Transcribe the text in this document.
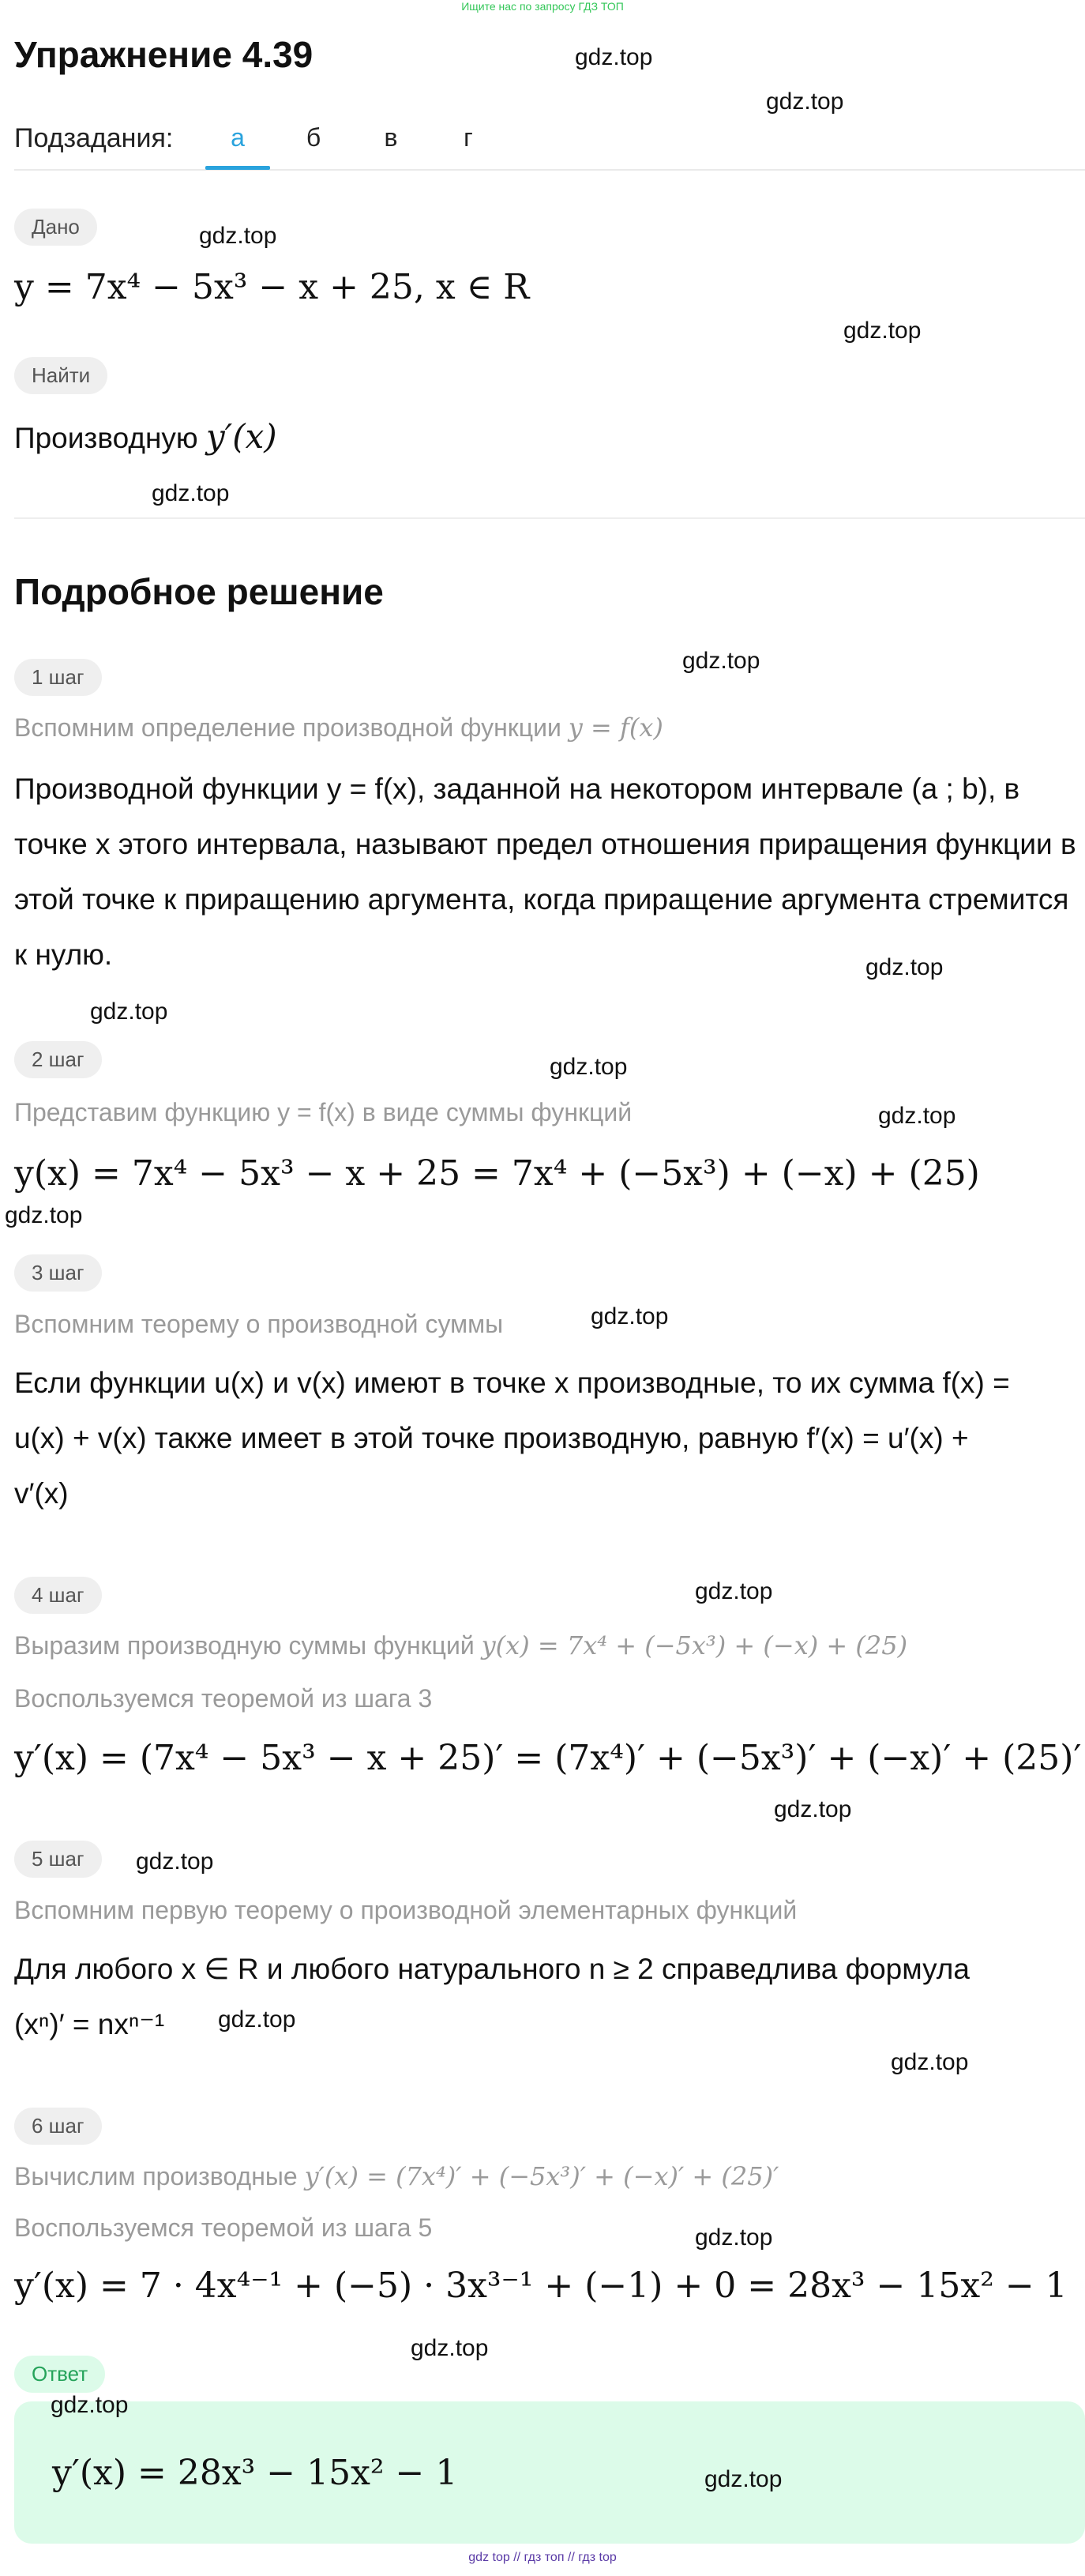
Ищите нас по запросу ГДЗ ТОП
Упражнение 4.39
Подзадания:	а	б	в	г
Дано
y = 7x⁴ − 5x³ − x + 25, x ∈ R
Найти
Производную y′(x)
Подробное решение
1 шаг
Вспомним определение производной функции y = f(x)
Производной функции y = f(x), заданной на некотором интервале (a ; b), в
точке x этого интервала, называют предел отношения приращения функции в
этой точке к приращению аргумента, когда приращение аргумента стремится
к нулю.
2 шаг
Представим функцию y = f(x) в виде суммы функций
y(x) = 7x⁴ − 5x³ − x + 25 = 7x⁴ + (−5x³) + (−x) + (25)
3 шаг
Вспомним теорему о производной суммы
Если функции u(x) и v(x) имеют в точке x производные, то их сумма f(x) =
u(x) + v(x) также имеет в этой точке производную, равную f′(x) = u′(x) +
v′(x)
4 шаг
Выразим производную суммы функций y(x) = 7x⁴ + (−5x³) + (−x) + (25)
Воспользуемся теоремой из шага 3
y′(x) = (7x⁴ − 5x³ − x + 25)′ = (7x⁴)′ + (−5x³)′ + (−x)′ + (25)′
5 шаг
Вспомним первую теорему о производной элементарных функций
Для любого x ∈ R и любого натурального n ≥ 2 справедлива формула
(xⁿ)′ = nxⁿ⁻¹
6 шаг
Вычислим производные y′(x) = (7x⁴)′ + (−5x³)′ + (−x)′ + (25)′
Воспользуемся теоремой из шага 5
y′(x) = 7 · 4x⁴⁻¹ + (−5) · 3x³⁻¹ + (−1) + 0 = 28x³ − 15x² − 1
Ответ
y′(x) = 28x³ − 15x² − 1
gdz.top
gdz.top
gdz.top
gdz.top
gdz.top
gdz.top
gdz.top
gdz.top
gdz.top
gdz.top
gdz.top
gdz.top
gdz.top
gdz.top
gdz.top
gdz.top
gdz.top
gdz.top
gdz.top
gdz.top
gdz.top
gdz top // гдз топ // гдз top
